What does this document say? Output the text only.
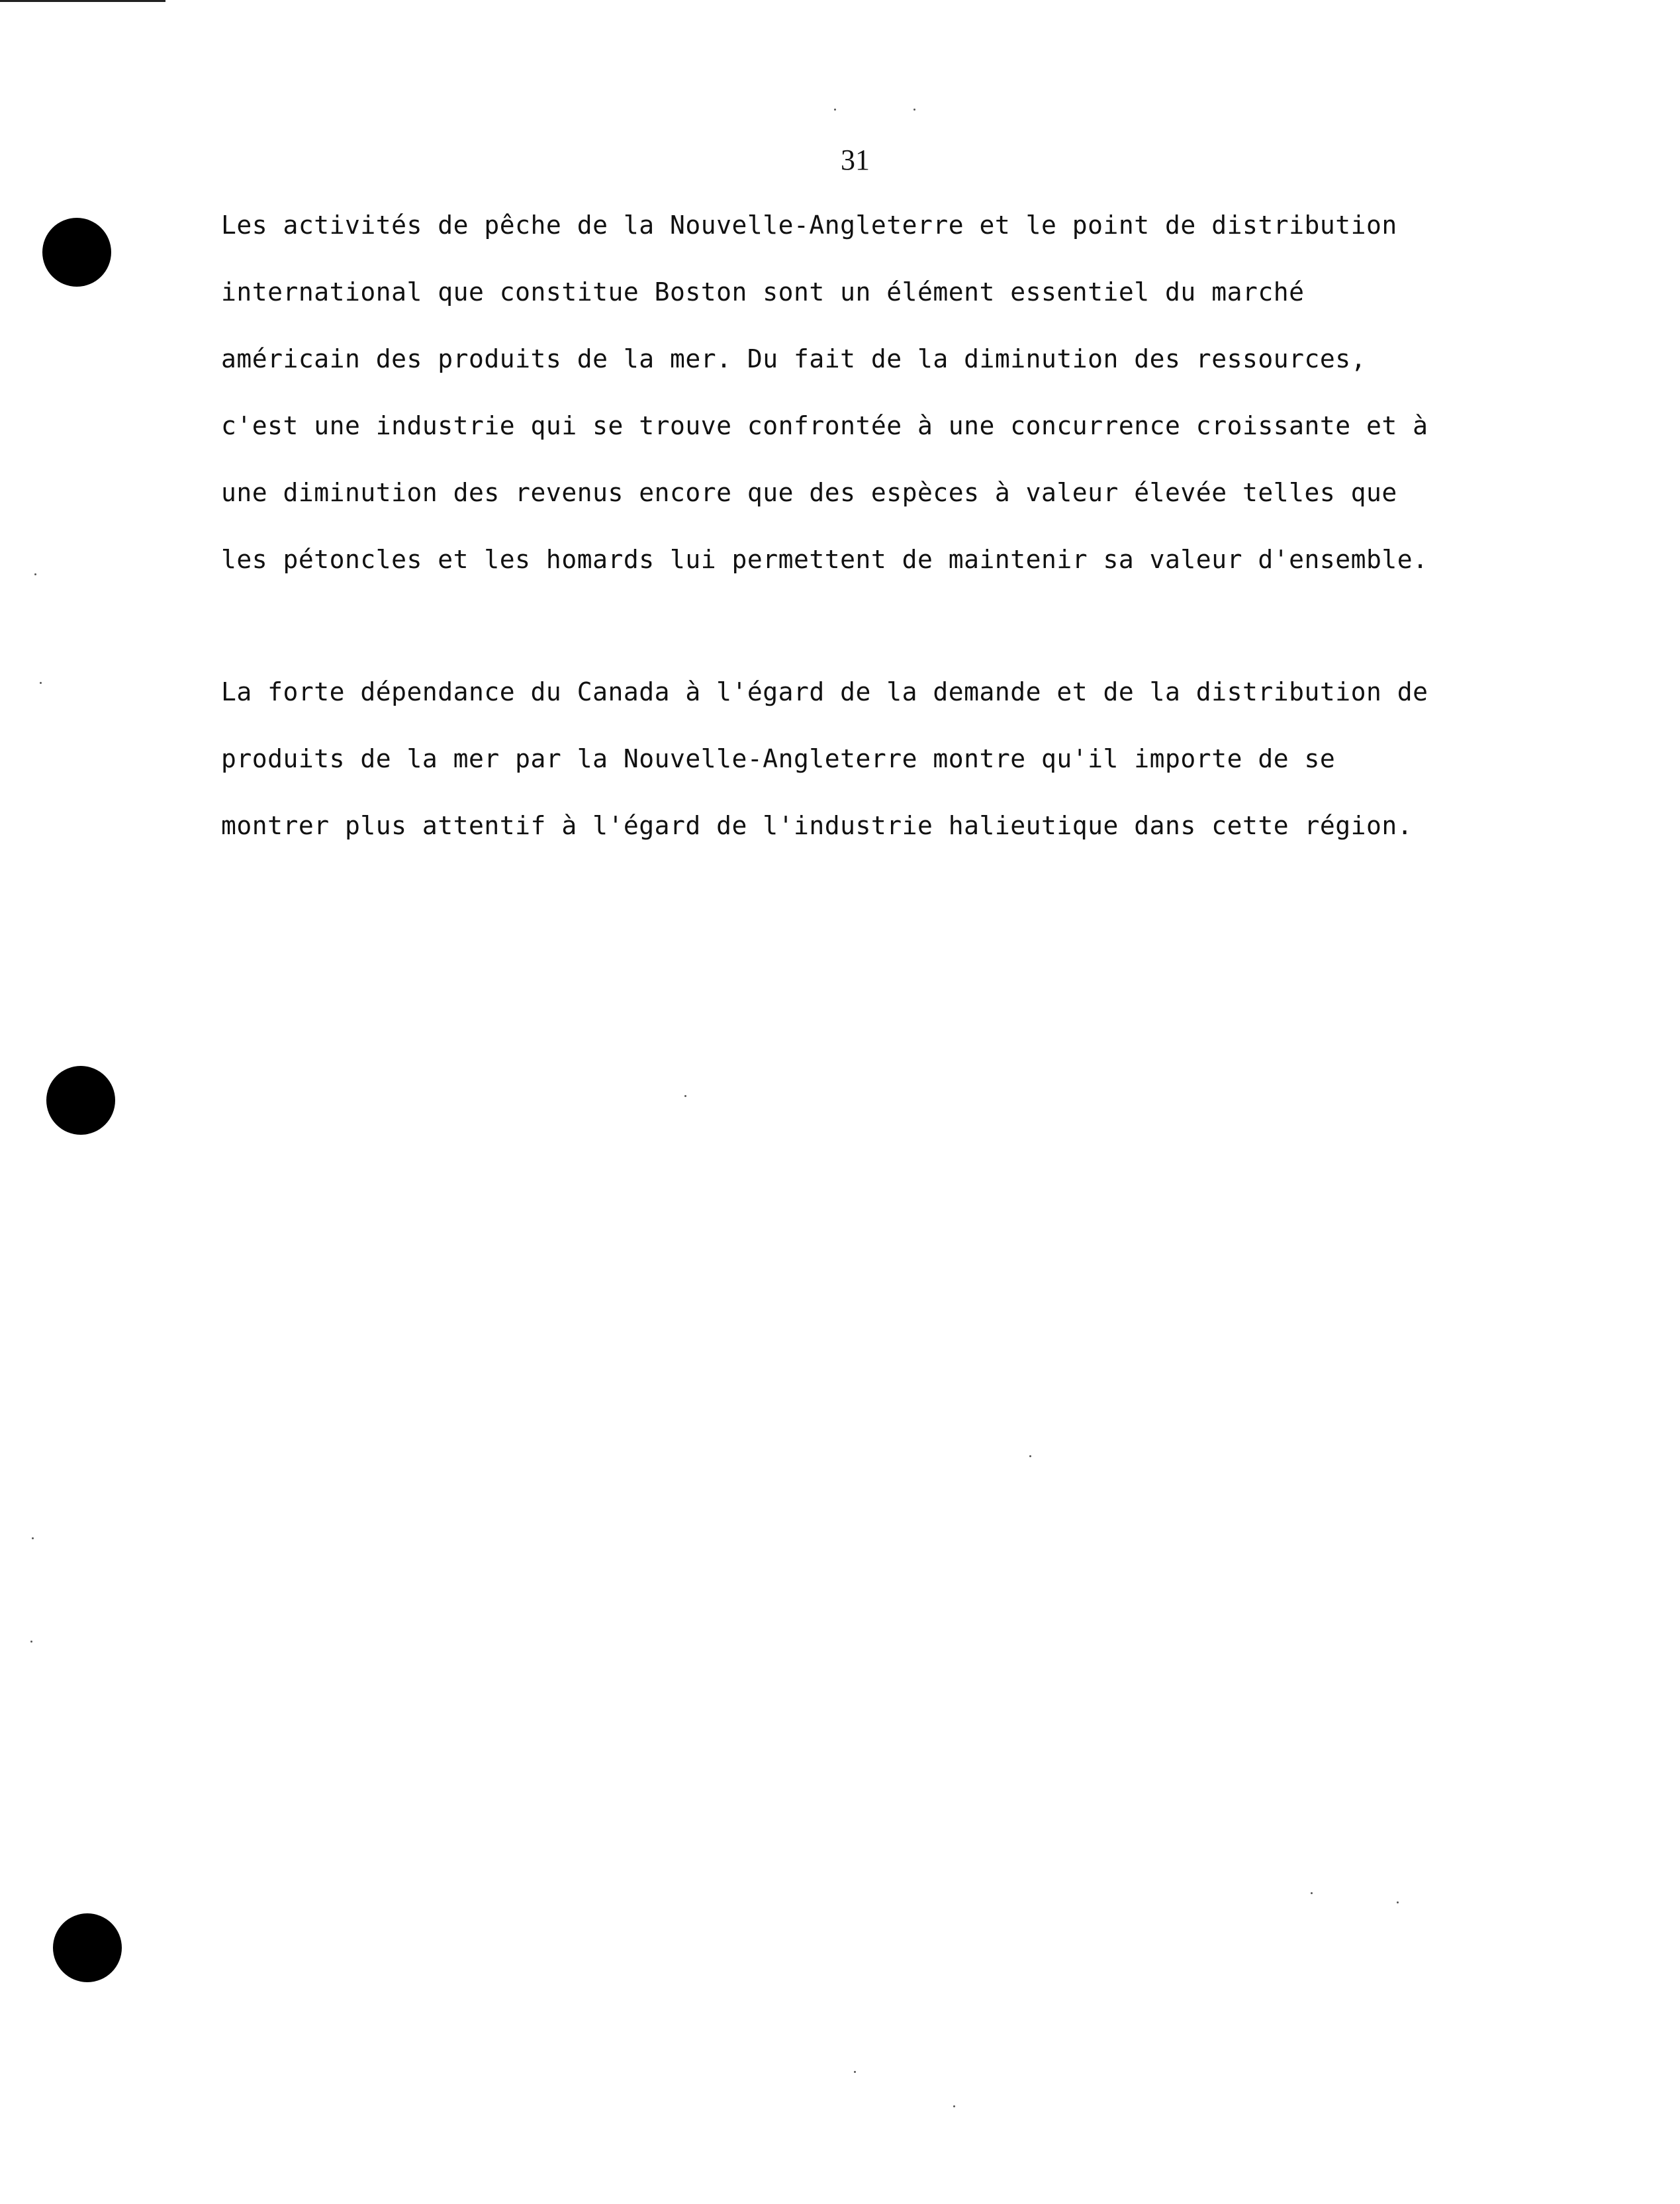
31
Les activités de pêche de la Nouvelle-Angleterre et le point de distribution
international que constitue Boston sont un élément essentiel du marché
américain des produits de la mer. Du fait de la diminution des ressources,
c'est une industrie qui se trouve confrontée à une concurrence croissante et à
une diminution des revenus encore que des espèces à valeur élevée telles que
les pétoncles et les homards lui permettent de maintenir sa valeur d'ensemble.
La forte dépendance du Canada à l'égard de la demande et de la distribution de
produits de la mer par la Nouvelle-Angleterre montre qu'il importe de se
montrer plus attentif à l'égard de l'industrie halieutique dans cette région.
